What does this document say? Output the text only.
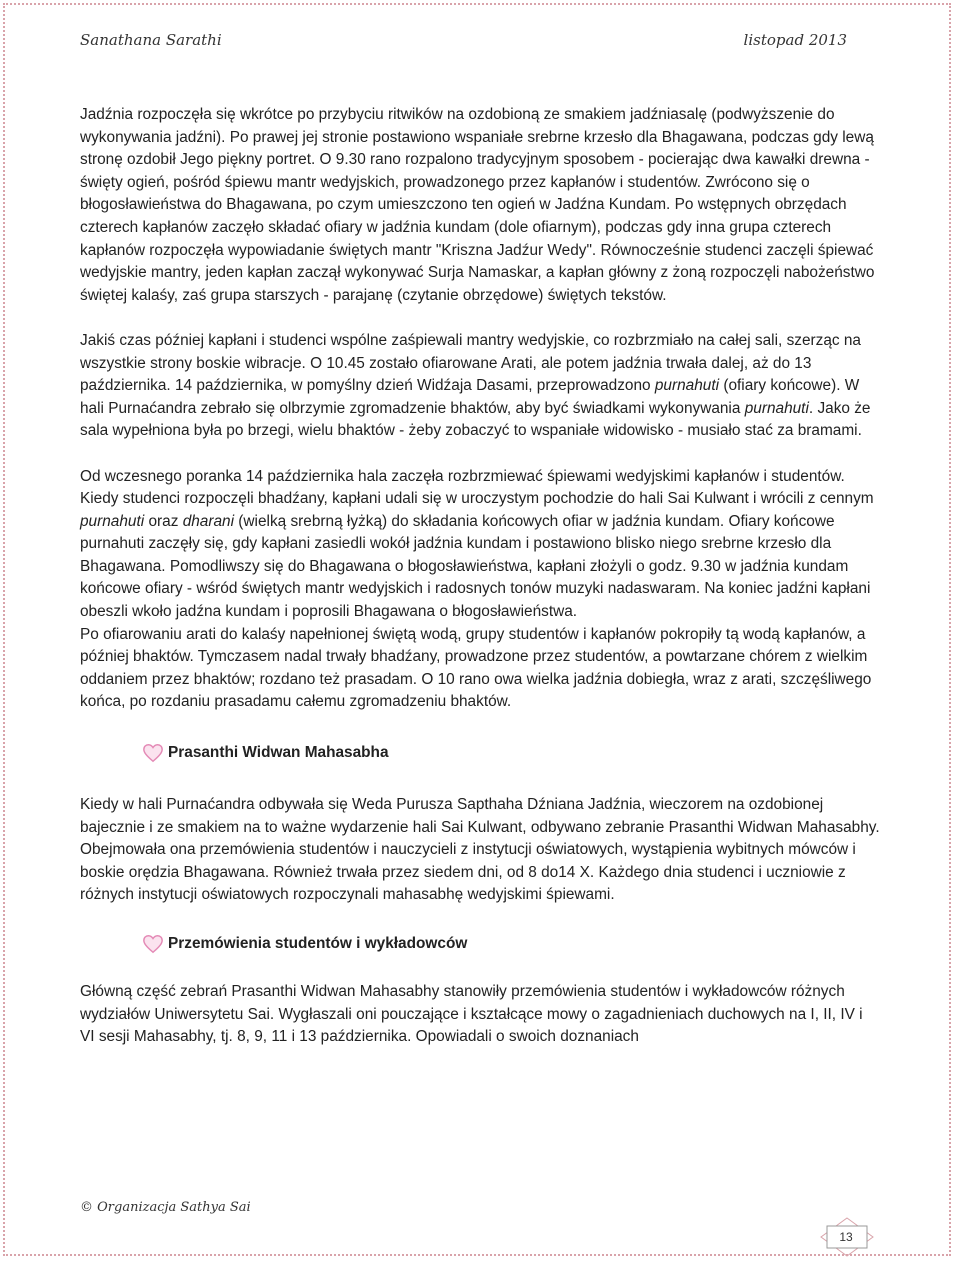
Sanathana Sarathi	listopad 2013

Jadźnia rozpoczęła się wkrótce po przybyciu ritwików na ozdobioną ze smakiem jadźniasalę (podwyższenie do wykonywania jadźni). Po prawej jej stronie postawiono wspaniałe srebrne krzesło dla Bhagawana, podczas gdy lewą stronę ozdobił Jego piękny portret. O 9.30 rano rozpalono tradycyjnym sposobem - pocierając dwa kawałki drewna - święty ogień, pośród śpiewu mantr wedyjskich, prowadzonego przez kapłanów i studentów. Zwrócono się o błogosławieństwa do Bhagawana, po czym umieszczono ten ogień w Jadźna Kundam. Po wstępnych obrzędach czterech kapłanów zaczęło składać ofiary w jadźnia kundam (dole ofiarnym), podczas gdy inna grupa czterech kapłanów rozpoczęła wypowiadanie świętych mantr "Kriszna Jadźur Wedy". Równocześnie studenci zaczęli śpiewać wedyjskie mantry, jeden kapłan zaczął wykonywać Surja Namaskar, a kapłan główny z żoną rozpoczęli nabożeństwo świętej kalaśy, zaś grupa starszych - parajanę (czytanie obrzędowe) świętych tekstów.

Jakiś czas później kapłani i studenci wspólne zaśpiewali mantry wedyjskie, co rozbrzmiało na całej sali, szerząc na wszystkie strony boskie wibracje. O 10.45 zostało ofiarowane Arati, ale potem jadźnia trwała dalej, aż do 13 października. 14 października, w pomyślny dzień Widźaja Dasami, przeprowadzono purnahuti (ofiary końcowe). W hali Purnaćandra zebrało się olbrzymie zgromadzenie bhaktów, aby być świadkami wykonywania purnahuti. Jako że sala wypełniona była po brzegi, wielu bhaktów - żeby zobaczyć to wspaniałe widowisko - musiało stać za bramami.

Od wczesnego poranka 14 października hala zaczęła rozbrzmiewać śpiewami wedyjskimi kapłanów i studentów. Kiedy studenci rozpoczęli bhadźany, kapłani udali się w uroczystym pochodzie do hali Sai Kulwant i wrócili z cennym purnahuti oraz dharani (wielką srebrną łyżką) do składania końcowych ofiar w jadźnia kundam. Ofiary końcowe purnahuti zaczęły się, gdy kapłani zasiedli wokół jadźnia kundam i postawiono blisko niego srebrne krzesło dla Bhagawana. Pomodliwszy się do Bhagawana o błogosławieństwa, kapłani złożyli o godz. 9.30 w jadźnia kundam końcowe ofiary - wśród świętych mantr wedyjskich i radosnych tonów muzyki nadaswaram. Na koniec jadźni kapłani obeszli wkoło jadźna kundam i poprosili Bhagawana o błogosławieństwa.

Po ofiarowaniu arati do kalaśy napełnionej świętą wodą, grupy studentów i kapłanów pokropiły tą wodą kapłanów, a później bhaktów. Tymczasem nadal trwały bhadźany, prowadzone przez studentów, a powtarzane chórem z wielkim oddaniem przez bhaktów; rozdano też prasadam. O 10 rano owa wielka jadźnia dobiegła, wraz z arati, szczęśliwego końca, po rozdaniu prasadamu całemu zgromadzeniu bhaktów.

Prasanthi Widwan Mahasabha

Kiedy w hali Purnaćandra odbywała się Weda Purusza Sapthaha Dźniana Jadźnia, wieczorem na ozdobionej bajecznie i ze smakiem na to ważne wydarzenie hali Sai Kulwant, odbywano zebranie Prasanthi Widwan Mahasabhy. Obejmowała ona przemówienia studentów i nauczycieli z instytucji oświatowych, wystąpienia wybitnych mówców i boskie orędzia Bhagawana. Również trwała przez siedem dni, od 8 do14 X. Każdego dnia studenci i uczniowie z różnych instytucji oświatowych rozpoczynali mahasabhę wedyjskimi śpiewami.

Przemówienia studentów i wykładowców

Główną część zebrań Prasanthi Widwan Mahasabhy stanowiły przemówienia studentów i wykładowców różnych wydziałów Uniwersytetu Sai. Wygłaszali oni pouczające i kształcące mowy o zagadnieniach duchowych na I, II, IV i VI sesji Mahasabhy, tj. 8, 9, 11 i 13 października. Opowiadali o swoich doznaniach

© Organizacja Sathya Sai
13
